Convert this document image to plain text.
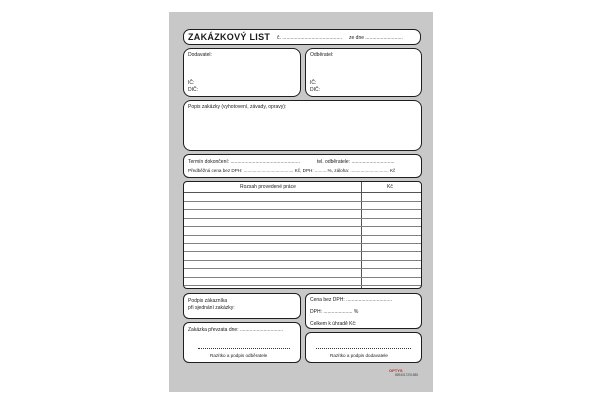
ZAKÁZKOVÝ LIST č. ........................................... ze dne ...........................
Dodavatel:
IČ:
DIČ:
Odběratel:
IČ:
DIČ:
Popis zakázky (vyhotovení, závady, opravy):
Termín dokončení: ..................................................	tel. odběratele: ...............................
Předběžná cena bez DPH: ....................................... Kč, DPH: ..........%, záloha: .............................. Kč
Rozsah provedené práce	Kč
Podpis zákazníka
při sjednání zakázky:
Zakázka převzata dne: ...............................
Razítko a podpis odběratele
Cena bez DPH: .................................
DPH: ..................... %
Celkem k úhradě Kč:
Razítko a podpis dodavatele
OPTYS
8594017291585
